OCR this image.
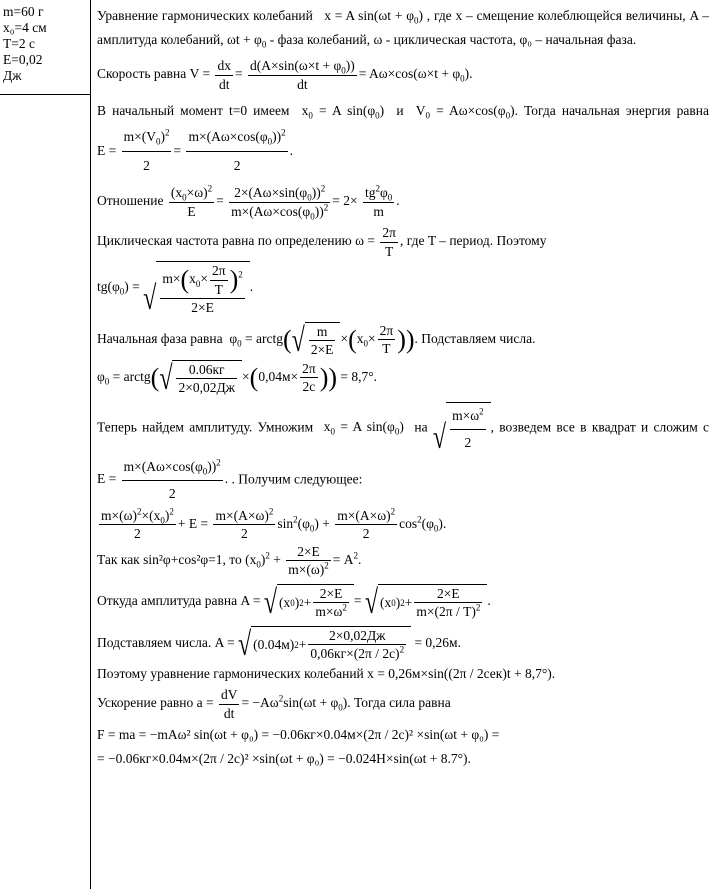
m=60 г
x₀=4 см
T=2 с
E=0,02
Дж

Уравнение гармонических колебаний   x = A $\sin(\omega t + \varphi_0)$ , где x – смещение колеблющейся величины, A – амплитуда колебаний, $\omega t + \varphi_0$ - фаза колебаний, ω - циклическая частота, φ₀ – начальная фаза.

Скорость равна $V = \frac{dx}{dt} = \frac{d(A\times\sin(\omega\times t + \varphi_0))}{dt} = A\omega\times\cos(\omega\times t + \varphi_0)$.

В начальный момент t=0 имеем  $x_0 = A$ $\sin(\varphi_0)$  и  $V_0 = A\omega\times\cos(\varphi_0)$. Тогда начальная энергия равна $E = \frac{m\times(V_0)^2}{2} = \frac{m\times(A\omega\times\cos(\varphi_0))^2}{2}$ .

Отношение $\frac{(x_0\times\omega)^2}{E} = \frac{2\times(A\omega\times\sin(\varphi_0))^2}{m\times(A\omega\times\cos(\varphi_0))^2} = 2\times \frac{tg^2\varphi_0}{m}$ .

Циклическая частота равна по определению $\omega = \frac{2\pi}{T}$ , где T – период. Поэтому

$tg(\varphi_0)$ = √ $\frac{m\times(x_0\times \frac{2\pi}{T} )^2}{2\times E}$ .

Начальная фаза равна  $\varphi_0$ = arctg( √ $\frac{m}{2\times E} \times(x_0\times \frac{2\pi}{T}$ )). Подставляем числа.

$\varphi_0$ = arctg( √ $\frac{0.06кг}{2\times 0,02Дж} \times(0,04м\times \frac{2\pi}{2c}$ )) = 8,7°.

Теперь найдем амплитуду. Умножим  $x_0 = A$ $\sin(\varphi_0)$  на √ $\frac{m\times\omega^2}{2}$ , возведем все в квадрат и сложим с $E = \frac{m\times(A\omega\times\cos(\varphi_0))^2}{2}$ . . Получим следующее:

$\frac{m\times(\omega)^2\times(x_0)^2}{2} + E = \frac{m\times(A\times\omega)^2}{2} \sin^2(\varphi_0) + \frac{m\times(A\times\omega)^2}{2} \cos^2(\varphi_0)$.

Так как sin²φ+cos²φ=1, то $(x_0)^2 + \frac{2\times E}{m\times(\omega)^2} = A^2$.

Откуда амплитуда равна A = √ (x 0 ) $2 + \frac{2\times E}{m\times\omega^2}$ = √ (x 0 ) $2 + \frac{2\times E}{m\times(2\pi / T)^2}$ .

Подставляем числа. A = √ (0.04м) $2 + \frac{2\times 0,02Дж}{0,06кг\times(2\pi / 2c)^2} = 0,26м$.

Поэтому уравнение гармонических колебаний x = 0,26м×sin((2π / 2сек)t + 8,7°).

Ускорение равно $a = \frac{dV}{dt} = -A\omega^2\sin(\omega t + \varphi_0)$. Тогда сила равна

F = ma = −mAω² sin(ωt + φ₀) = −0.06кг×0.04м×(2π / 2c)² ×sin(ωt + φ₀) =

= −0.06кг×0.04м×(2π / 2c)² ×sin(ωt + φ₀) = −0.024H×sin(ωt + 8.7°).
